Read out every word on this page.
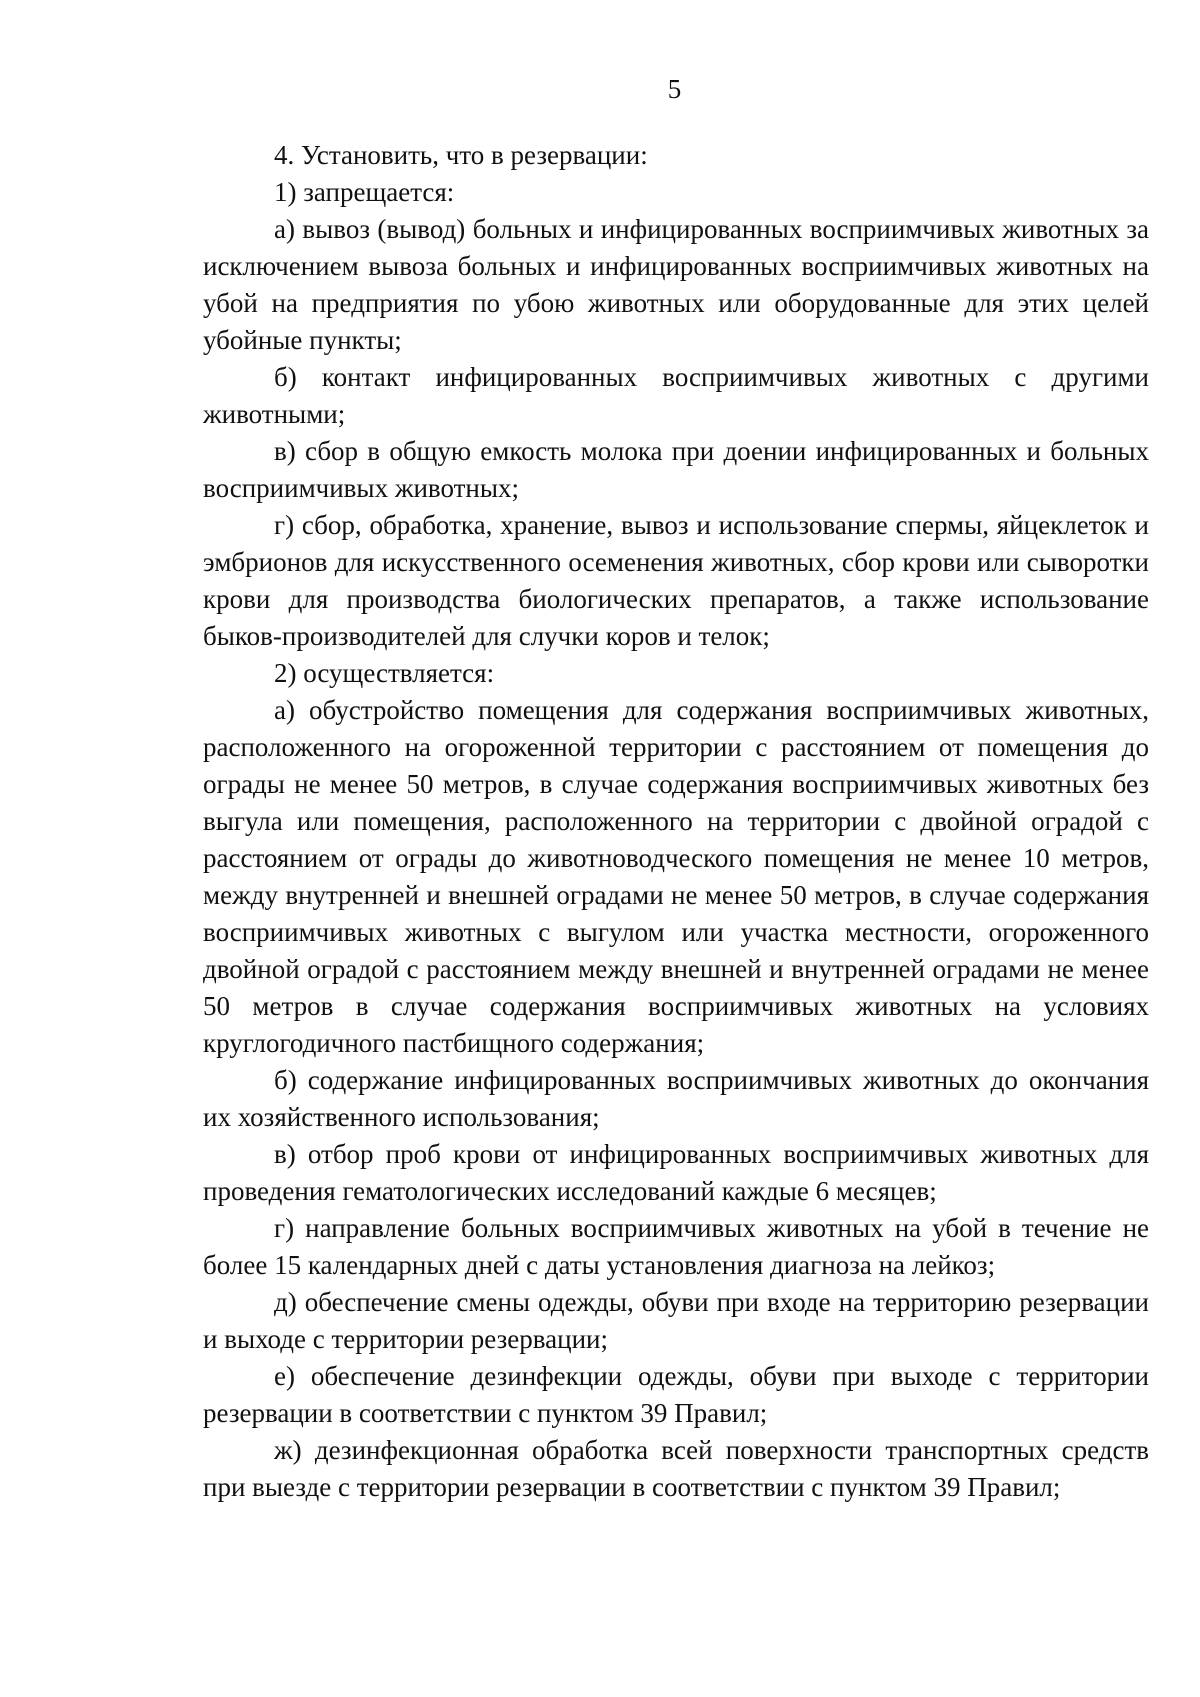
5

4. Установить, что в резервации:

1) запрещается:

а) вывоз (вывод) больных и инфицированных восприимчивых животных за исключением вывоза больных и инфицированных восприимчивых животных на убой на предприятия по убою животных или оборудованные для этих целей убойные пункты;

б) контакт инфицированных восприимчивых животных с другими животными;

в) сбор в общую емкость молока при доении инфицированных и больных восприимчивых животных;

г) сбор, обработка, хранение, вывоз и использование спермы, яйцеклеток и эмбрионов для искусственного осеменения животных, сбор крови или сыворотки крови для производства биологических препаратов, а также использование быков-производителей для случки коров и телок;

2) осуществляется:

а) обустройство помещения для содержания восприимчивых животных, расположенного на огороженной территории с расстоянием от помещения до ограды не менее 50 метров, в случае содержания восприимчивых животных без выгула или помещения, расположенного на территории с двойной оградой с расстоянием от ограды до животноводческого помещения не менее 10 метров, между внутренней и внешней оградами не менее 50 метров, в случае содержания восприимчивых животных с выгулом или участка местности, огороженного двойной оградой с расстоянием между внешней и внутренней оградами не менее 50 метров в случае содержания восприимчивых животных на условиях круглогодичного пастбищного содержания;

б) содержание инфицированных восприимчивых животных до окончания их хозяйственного использования;

в) отбор проб крови от инфицированных восприимчивых животных для проведения гематологических исследований каждые 6 месяцев;

г) направление больных восприимчивых животных на убой в течение не более 15 календарных дней с даты установления диагноза на лейкоз;

д) обеспечение смены одежды, обуви при входе на территорию резервации и выходе с территории резервации;

е) обеспечение дезинфекции одежды, обуви при выходе с территории резервации в соответствии с пунктом 39 Правил;

ж) дезинфекционная обработка всей поверхности транспортных средств при выезде с территории резервации в соответствии с пунктом 39 Правил;
